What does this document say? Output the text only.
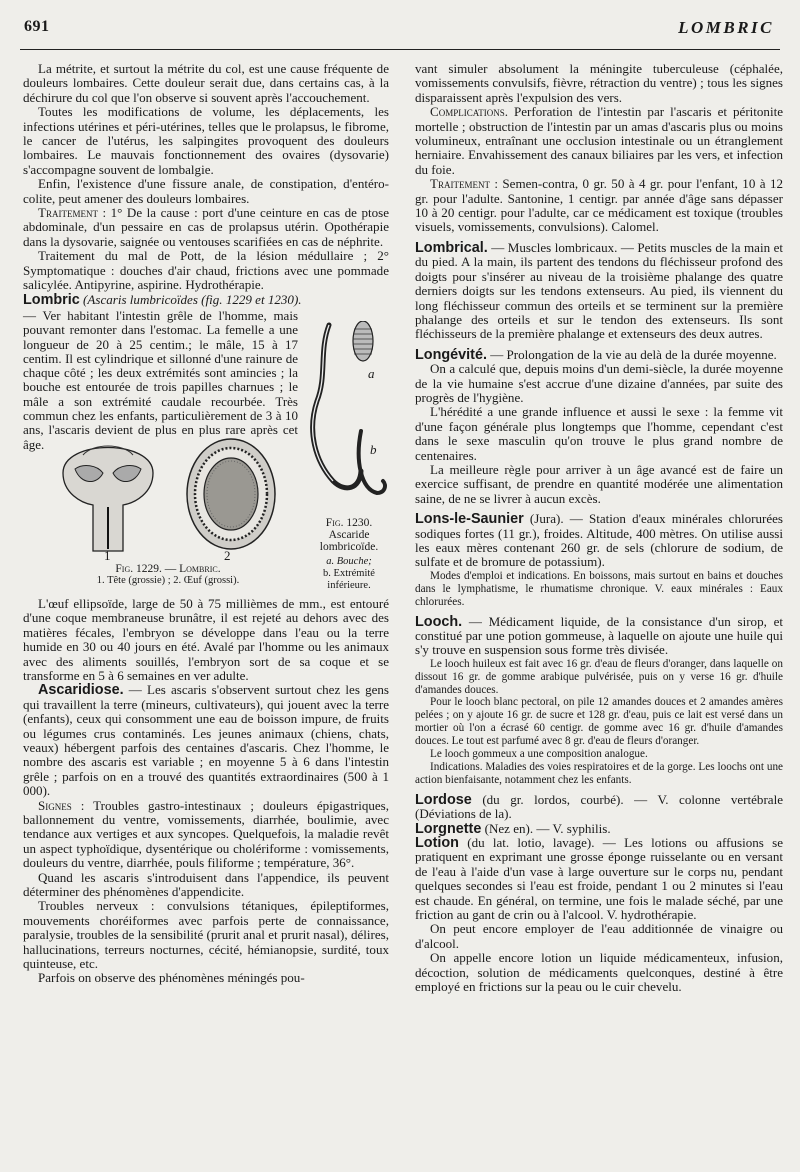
691	LOMBRIC

La métrite, et surtout la métrite du col, est une cause fréquente de douleurs lombaires. Cette douleur serait due, dans certains cas, à la déchirure du col que l'on observe si souvent après l'accouchement.

Toutes les modifications de volume, les déplacements, les infections utérines et péri-utérines, telles que le prolapsus, le fibrome, le cancer de l'utérus, les salpingites provoquent des douleurs lombaires. Le mauvais fonctionnement des ovaires (dysovarie) s'accompagne souvent de lombalgie.

Enfin, l'existence d'une fissure anale, de constipation, d'entéro-colite, peut amener des douleurs lombaires.

Traitement : 1° De la cause : port d'une ceinture en cas de ptose abdominale, d'un pessaire en cas de prolapsus utérin. Opothérapie dans la dysovarie, saignée ou ventouses scarifiées en cas de néphrite.

Traitement du mal de Pott, de la lésion médullaire ; 2° Symptomatique : douches d'air chaud, frictions avec une pommade salicylée. Antipyrine, aspirine. Hydrothérapie.

Lombric (Ascaris lumbricoïdes (fig. 1229 et 1230).

— Ver habitant l'intestin grêle de l'homme, mais pouvant remonter dans l'estomac. La femelle a une longueur de 20 à 25 centim.; le mâle, 15 à 17 centim. Il est cylindrique et sillonné d'une rainure de chaque côté ; les deux extrémités sont amincies ; la bouche est entourée de trois papilles charnues ; le mâle a son extrémité caudale recourbée. Très commun chez les enfants, particulièrement de 3 à 10 ans, l'ascaris devient de plus en plus rare après cet âge.
a
b
1	2
Fig. 1229. — Lombric.
1. Tête (grossie) ; 2. Œuf (grossi).
Fig. 1230.
Ascaride
lombricoïde.
a. Bouche;
b. Extrémité
inférieure.

L'œuf ellipsoïde, large de 50 à 75 millièmes de mm., est entouré d'une coque membraneuse brunâtre, il est rejeté au dehors avec des matières fécales, l'embryon se développe dans l'eau ou la terre humide en 30 ou 40 jours en été. Avalé par l'homme ou les animaux avec des aliments souillés, l'embryon sort de sa coque et se transforme en 5 à 6 semaines en ver adulte.

Ascaridiose. — Les ascaris s'observent surtout chez les gens qui travaillent la terre (mineurs, cultivateurs), qui jouent avec la terre (enfants), ceux qui consomment une eau de boisson impure, de fruits ou légumes crus contaminés. Les jeunes animaux (chiens, chats, veaux) hébergent parfois des centaines d'ascaris. Chez l'homme, le nombre des ascaris est variable ; en moyenne 5 à 6 dans l'intestin grêle ; parfois on en a trouvé des quantités extraordinaires (500 à 1 000).

Signes : Troubles gastro-intestinaux ; douleurs épigastriques, ballonnement du ventre, vomissements, diarrhée, boulimie, avec tendance aux vertiges et aux syncopes. Quelquefois, la maladie revêt un aspect typhoïdique, dysentérique ou cholériforme : vomissements, douleurs du ventre, diarrhée, pouls filiforme ; température, 36°.

Quand les ascaris s'introduisent dans l'appendice, ils peuvent déterminer des phénomènes d'appendicite.

Troubles nerveux : convulsions tétaniques, épileptiformes, mouvements choréiformes avec parfois perte de connaissance, paralysie, troubles de la sensibilité (prurit anal et prurit nasal), délires, hallucinations, terreurs nocturnes, cécité, hémianopsie, surdité, toux quinteuse, etc.

Parfois on observe des phénomènes méningés pou-

vant simuler absolument la méningite tuberculeuse (céphalée, vomissements convulsifs, fièvre, rétraction du ventre) ; tous les signes disparaissent après l'expulsion des vers.

Complications. Perforation de l'intestin par l'ascaris et péritonite mortelle ; obstruction de l'intestin par un amas d'ascaris plus ou moins volumineux, entraînant une occlusion intestinale ou un étranglement herniaire. Envahissement des canaux biliaires par les vers, et infection du foie.

Traitement : Semen-contra, 0 gr. 50 à 4 gr. pour l'enfant, 10 à 12 gr. pour l'adulte. Santonine, 1 centigr. par année d'âge sans dépasser 10 à 20 centigr. pour l'adulte, car ce médicament est toxique (troubles visuels, vomissements, convulsions). Calomel.

Lombrical. — Muscles lombricaux. — Petits muscles de la main et du pied. A la main, ils partent des tendons du fléchisseur profond des doigts pour s'insérer au niveau de la troisième phalange des quatre derniers doigts sur les tendons extenseurs. Au pied, ils viennent du long fléchisseur commun des orteils et se terminent sur la première phalange des orteils et sur le tendon des extenseurs. Ils sont fléchisseurs de la première phalange et extenseurs des deux autres.

Longévité. — Prolongation de la vie au delà de la durée moyenne.

On a calculé que, depuis moins d'un demi-siècle, la durée moyenne de la vie humaine s'est accrue d'une dizaine d'années, par suite des progrès de l'hygiène.

L'hérédité a une grande influence et aussi le sexe : la femme vit d'une façon générale plus longtemps que l'homme, cependant c'est dans le sexe masculin qu'on trouve le plus grand nombre de centenaires.

La meilleure règle pour arriver à un âge avancé est de faire un exercice suffisant, de prendre en quantité modérée une alimentation saine, de ne se livrer à aucun excès.

Lons-le-Saunier (Jura). — Station d'eaux minérales chlorurées sodiques fortes (11 gr.), froides. Altitude, 400 mètres. On utilise aussi les eaux mères contenant 260 gr. de sels (chlorure de sodium, de sulfate et de bromure de potassium).

Modes d'emploi et indications. En boissons, mais surtout en bains et douches dans le lymphatisme, le rhumatisme chronique. V. eaux minérales : Eaux chlorurées.

Looch. — Médicament liquide, de la consistance d'un sirop, et constitué par une potion gommeuse, à laquelle on ajoute une huile qui s'y trouve en suspension sous forme très divisée.

Le looch huileux est fait avec 16 gr. d'eau de fleurs d'oranger, dans laquelle on dissout 16 gr. de gomme arabique pulvérisée, puis on y verse 16 gr. d'huile d'amandes douces.

Pour le looch blanc pectoral, on pile 12 amandes douces et 2 amandes amères pelées ; on y ajoute 16 gr. de sucre et 128 gr. d'eau, puis ce lait est versé dans un mortier où l'on a écrasé 60 centigr. de gomme avec 16 gr. d'huile d'amandes douces. Le tout est parfumé avec 8 gr. d'eau de fleurs d'oranger.

Le looch gommeux a une composition analogue.

Indications. Maladies des voies respiratoires et de la gorge. Les loochs ont une action bienfaisante, notamment chez les enfants.

Lordose (du gr. lordos, courbé). — V. colonne vertébrale (Déviations de la).

Lorgnette (Nez en). — V. syphilis.

Lotion (du lat. lotio, lavage). — Les lotions ou affusions se pratiquent en exprimant une grosse éponge ruisselante ou en versant de l'eau à l'aide d'un vase à large ouverture sur le corps nu, pendant quelques secondes si l'eau est froide, pendant 1 ou 2 minutes si l'eau est chaude. En général, on termine, une fois le malade séché, par une friction au gant de crin ou à l'alcool. V. hydrothérapie.

On peut encore employer de l'eau additionnée de vinaigre ou d'alcool.

On appelle encore lotion un liquide médicamenteux, infusion, décoction, solution de médicaments quelconques, destiné à être employé en frictions sur la peau ou le cuir chevelu.
